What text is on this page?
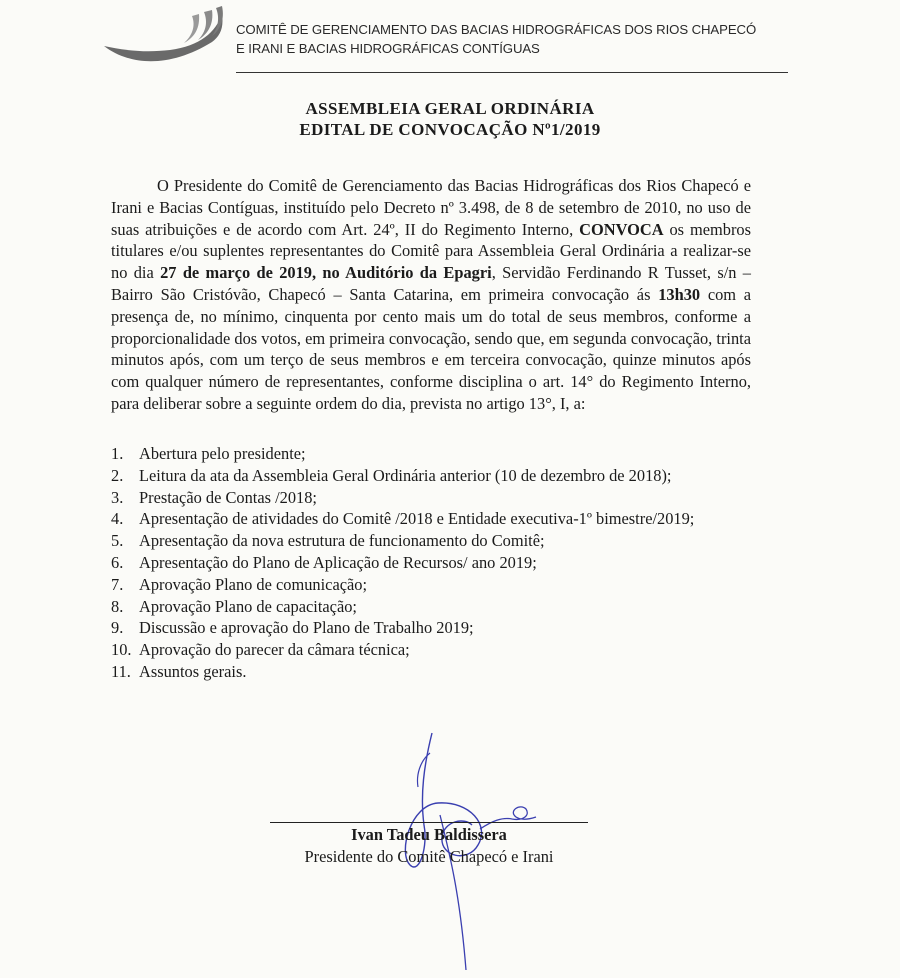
COMITÊ DE GERENCIAMENTO DAS BACIAS HIDROGRÁFICAS DOS RIOS CHAPECÓ
E IRANI E BACIAS HIDROGRÁFICAS CONTÍGUAS
ASSEMBLEIA GERAL ORDINÁRIA
EDITAL DE CONVOCAÇÃO Nº1/2019

O Presidente do Comitê de Gerenciamento das Bacias Hidrográficas dos Rios Chapecó e Irani e Bacias Contíguas, instituído pelo Decreto nº 3.498, de 8 de setembro de 2010, no uso de suas atribuições e de acordo com Art. 24º, II do Regimento Interno, CONVOCA os membros titulares e/ou suplentes representantes do Comitê para Assembleia Geral Ordinária a realizar-se no dia 27 de março de 2019, no Auditório da Epagri, Servidão Ferdinando R Tusset, s/n – Bairro São Cristóvão, Chapecó – Santa Catarina, em primeira convocação ás 13h30 com a presença de, no mínimo, cinquenta por cento mais um do total de seus membros, conforme a proporcionalidade dos votos, em primeira convocação, sendo que, em segunda convocação, trinta minutos após, com um terço de seus membros e em terceira convocação, quinze minutos após com qualquer número de representantes, conforme disciplina o art. 14° do Regimento Interno, para deliberar sobre a seguinte ordem do dia, prevista no artigo 13°, I, a:

1. Abertura pelo presidente;
2. Leitura da ata da Assembleia Geral Ordinária anterior (10 de dezembro de 2018);
3. Prestação de Contas /2018;
4. Apresentação de atividades do Comitê /2018 e Entidade executiva-1º bimestre/2019;
5. Apresentação da nova estrutura de funcionamento do Comitê;
6. Apresentação do Plano de Aplicação de Recursos/ ano 2019;
7. Aprovação Plano de comunicação;
8. Aprovação Plano de capacitação;
9. Discussão e aprovação do Plano de Trabalho 2019;
10. Aprovação do parecer da câmara técnica;
11. Assuntos gerais.
Ivan Tadeu Baldissera
Presidente do Comitê Chapecó e Irani
